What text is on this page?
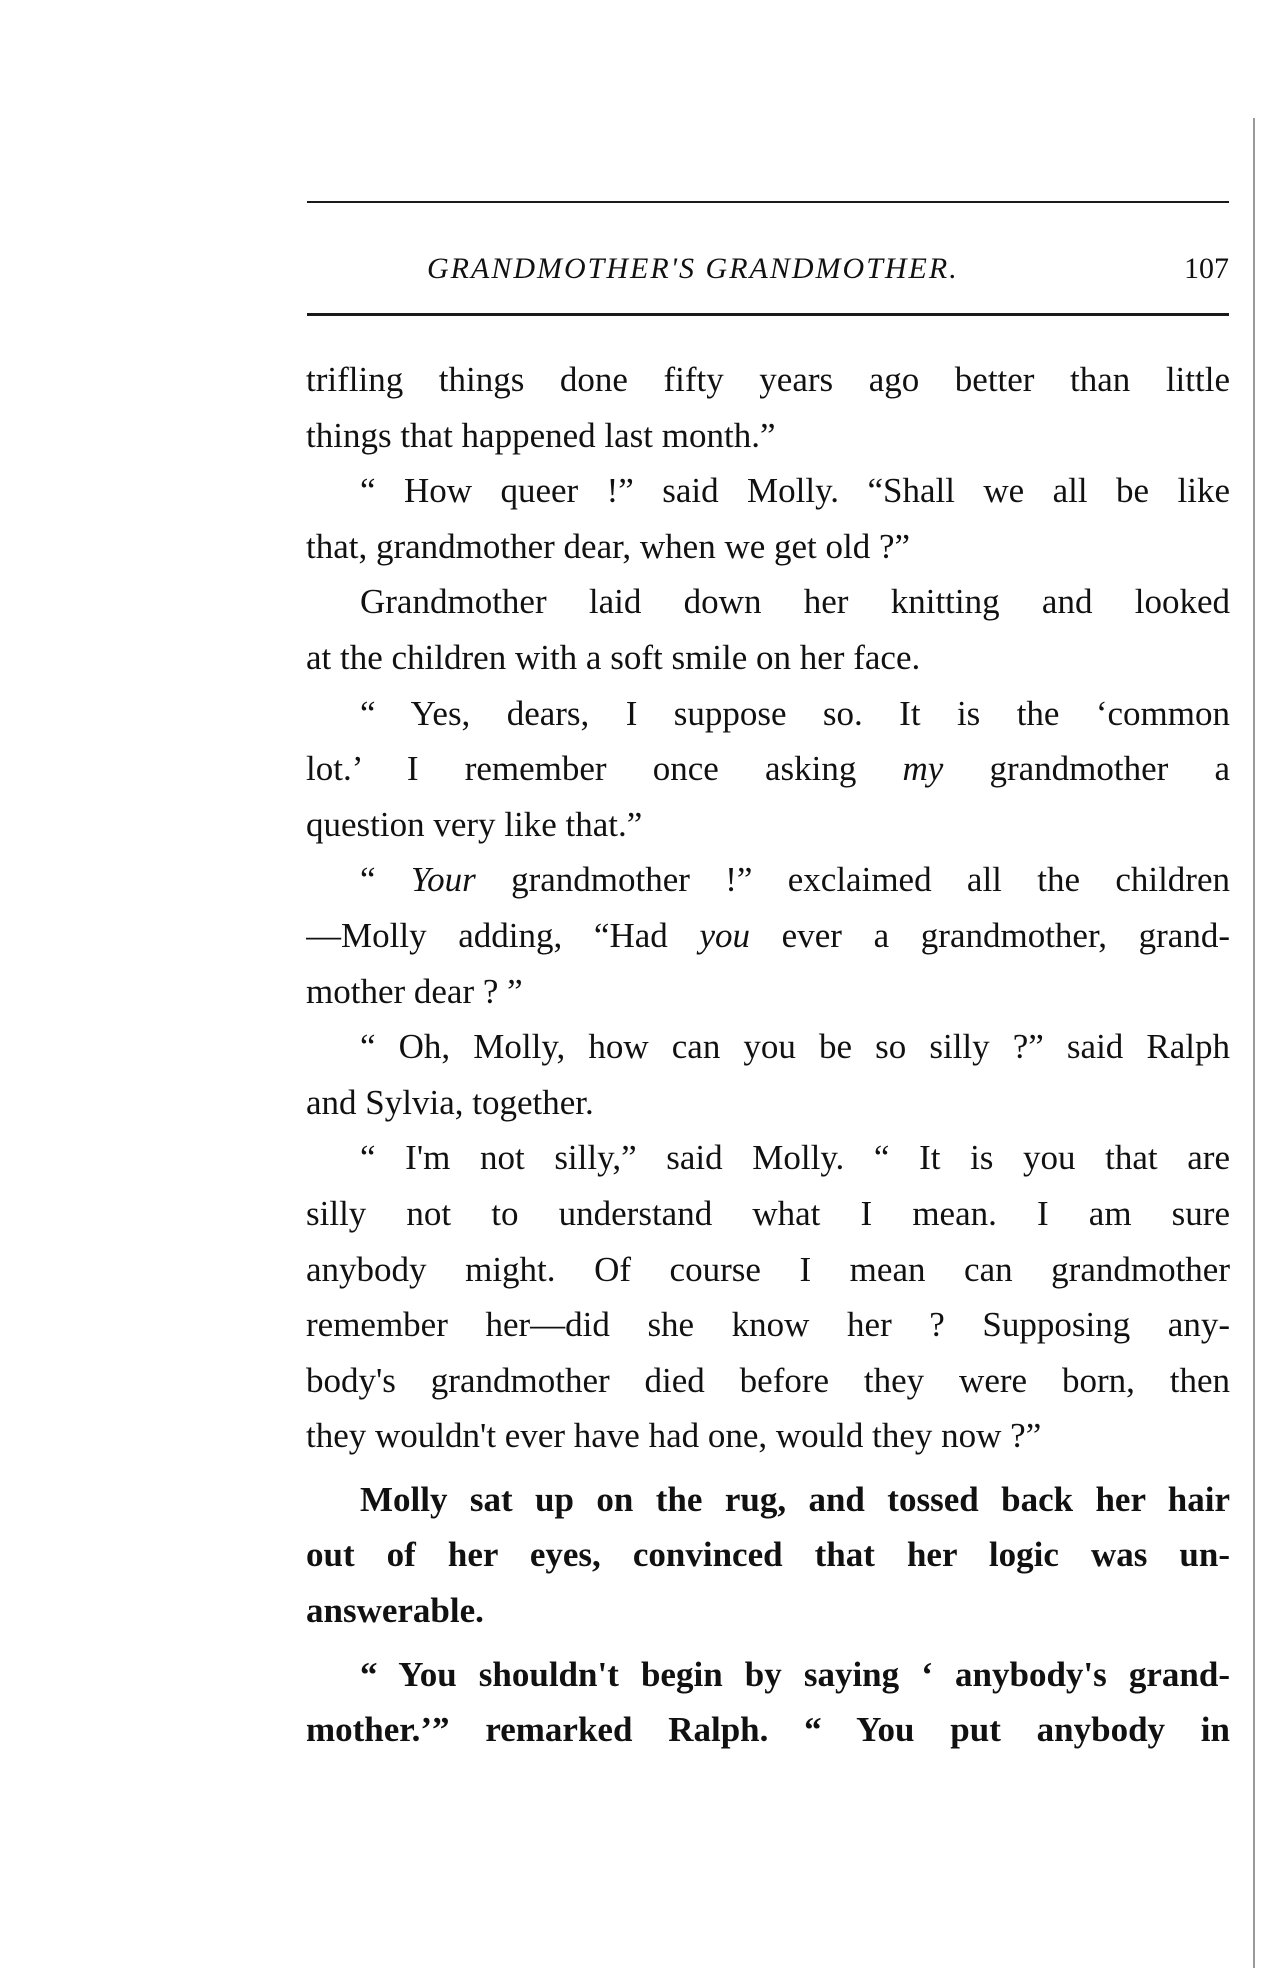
GRANDMOTHER'S GRANDMOTHER.	107
trifling things done fifty years ago better than little
things that happened last month.”
“ How queer !” said Molly. “Shall we all be like
that, grandmother dear, when we get old ?”
Grandmother laid down her knitting and looked
at the children with a soft smile on her face.
“ Yes, dears, I suppose so. It is the ‘common
lot.’ I remember once asking my grandmother a
question very like that.”
“ Your grandmother !” exclaimed all the children
—Molly adding, “Had you ever a grandmother, grand-
mother dear ? ”
“ Oh, Molly, how can you be so silly ?” said Ralph
and Sylvia, together.
“ I'm not silly,” said Molly. “ It is you that are
silly not to understand what I mean. I am sure
anybody might. Of course I mean can grandmother
remember her—did she know her ? Supposing any-
body's grandmother died before they were born, then
they wouldn't ever have had one, would they now ?”
Molly sat up on the rug, and tossed back her hair
out of her eyes, convinced that her logic was un-
answerable.
“ You shouldn't begin by saying ‘ anybody's grand-
mother.’” remarked Ralph. “ You put anybody in
